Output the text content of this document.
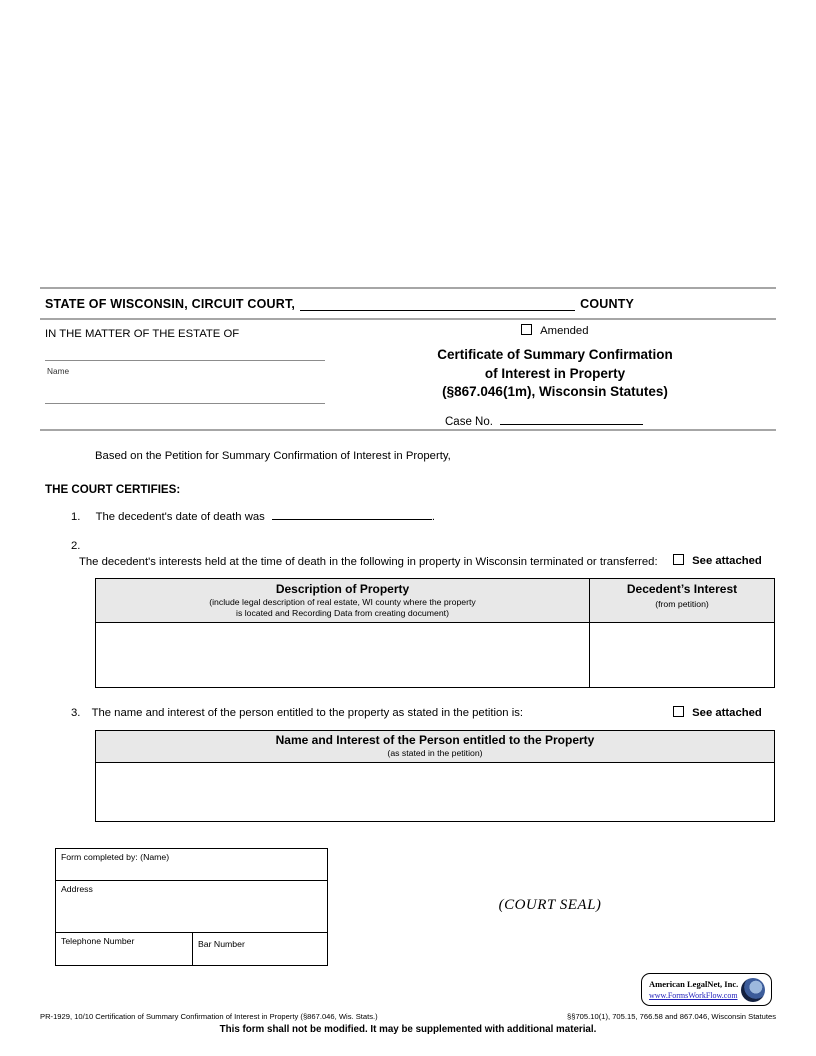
STATE OF WISCONSIN, CIRCUIT COURT,	COUNTY
IN THE MATTER OF THE ESTATE OF
Name
Amended
Certificate of Summary Confirmation
of Interest in Property
(§867.046(1m), Wisconsin Statutes)
Case No.
Based on the Petition for Summary Confirmation of Interest in Property,
THE COURT CERTIFIES:
1. The decedent's date of death was	.
2. The decedent's interests held at the time of death in the following in property in Wisconsin terminated or transferred:	See attached
Description of Property
(include legal description of real estate, WI county where the property
is located and Recording Data from creating document)
Decedent’s Interest
(from petition)
3. The name and interest of the person entitled to the property as stated in the petition is:	See attached
Name and Interest of the Person entitled to the Property
(as stated in the petition)
Form completed by: (Name)
Address
Telephone Number	Bar Number
(COURT SEAL)
American LegalNet, Inc.
www.FormsWorkFlow.com
PR-1929, 10/10 Certification of Summary Confirmation of Interest in Property (§867.046, Wis. Stats.)	§§705.10(1), 705.15, 766.58 and 867.046, Wisconsin Statutes
This form shall not be modified. It may be supplemented with additional material.
